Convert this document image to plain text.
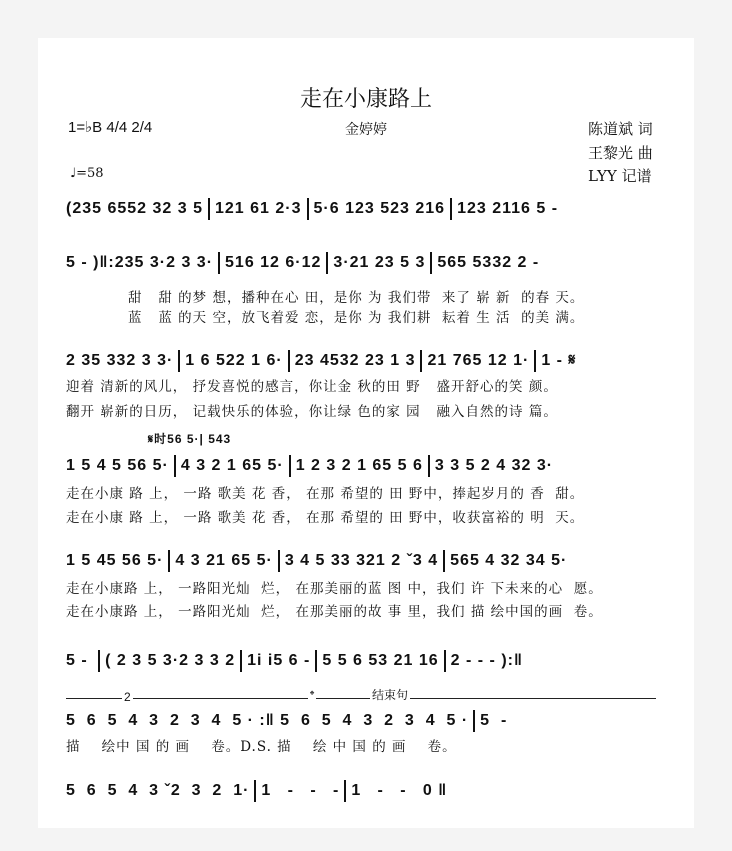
走在小康路上
金婷婷
1=♭B 4/4 2/4
♩=58
陈道斌 词
王黎光 曲
LYY 记谱
(235 6552 32 3 5 121 61 2·3 5·6 123 523 216 123 2116 5 -
5 - )‖:235 3·2 3 3· 516 12 6·12 3·21 23 5 3 565 5332 2 -
甜   甜 的梦 想，播种在心 田，是你 为 我们带  来了 崭 新  的春 天。
蓝   蓝 的天 空，放飞着爱 恋，是你 为 我们耕  耘着 生 活  的美 满。
2 35 332 3 3· 1 6 522 1 6· 23 4532 23 1 3 21 765 12 1· 1 - 𝄋
迎着 清新的风儿， 抒发喜悦的感言，你让金 秋的田 野   盛开舒心的笑 颜。
翻开 崭新的日历， 记载快乐的体验，你让绿 色的家 园   融入自然的诗 篇。
1 5 4 5 56 5· 4 3 2 1 65 5· 1 2 3 2 1 65 5 6 3 3 5 2 4 32 3·
𝄋时56 5·| 543
走在小康 路 上， 一路 歌美 花 香， 在那 希望的 田 野中，捧起岁月的 香  甜。
走在小康 路 上， 一路 歌美 花 香， 在那 希望的 田 野中，收获富裕的 明  天。
1 5 45 56 5· 4 3 21 65 5· 3 4 5 33 321 2 ˇ3 4 565 4 32 34 5·
走在小康路 上， 一路阳光灿  烂， 在那美丽的蓝 图 中，我们 许 下未来的心  愿。
走在小康路 上， 一路阳光灿  烂， 在那美丽的故 事 里，我们 描 绘中国的画  卷。
5 - ( 2 3 5 3·2 3 3 2 1i i5 6 - 5 5 6 53 21 16 2 - - - ):‖
5  6  5  4  3  2  3  4  5 · :‖ 5  6  5  4  3  2  3  4  5 · 5  -
2	𝄌	结束句
描    绘中 国 的 画    卷。D.S. 描    绘 中 国 的 画    卷。
5  6  5  4  3 ˇ2  3  2  1· 1   -   -   - 1   -   -   0 ‖
